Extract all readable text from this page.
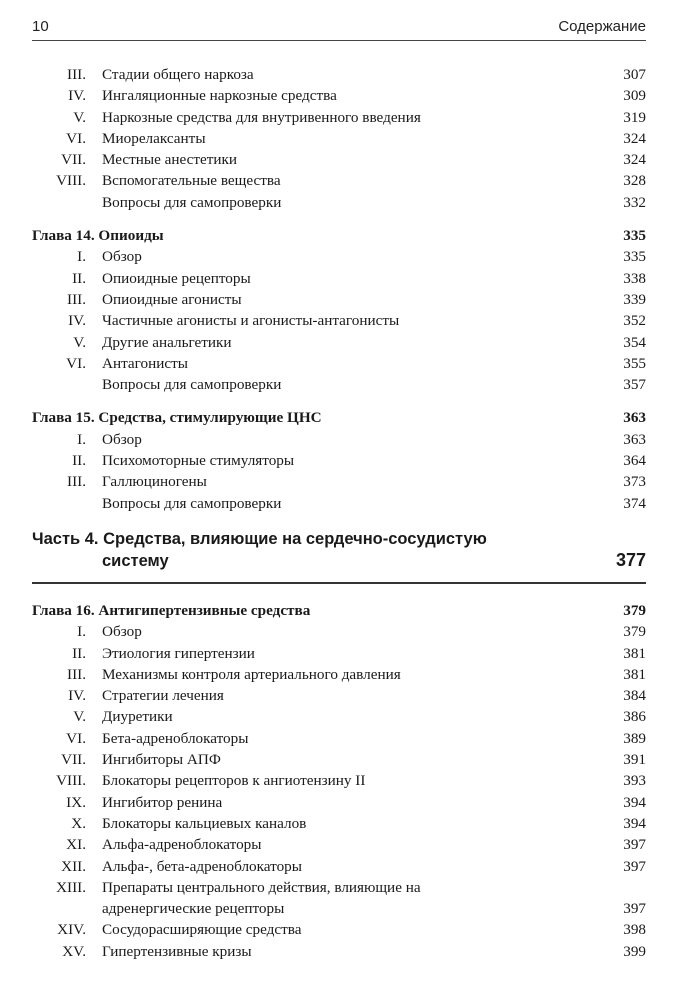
10	Содержание
III. Стадии общего наркоза	307
IV. Ингаляционные наркозные средства	309
V. Наркозные средства для внутривенного введения	319
VI. Миорелаксанты	324
VII. Местные анестетики	324
VIII. Вспомогательные вещества	328
Вопросы для самопроверки	332
Глава 14. Опиоиды	335
I. Обзор	335
II. Опиоидные рецепторы	338
III. Опиоидные агонисты	339
IV. Частичные агонисты и агонисты-антагонисты	352
V. Другие анальгетики	354
VI. Антагонисты	355
Вопросы для самопроверки	357
Глава 15. Средства, стимулирующие ЦНС	363
I. Обзор	363
II. Психомоторные стимуляторы	364
III. Галлюциногены	373
Вопросы для самопроверки	374
Часть 4. Средства, влияющие на сердечно-сосудистую
систему	377
Глава 16. Антигипертензивные средства	379
I. Обзор	379
II. Этиология гипертензии	381
III. Механизмы контроля артериального давления	381
IV. Стратегии лечения	384
V. Диуретики	386
VI. Бета-адреноблокаторы	389
VII. Ингибиторы АПФ	391
VIII. Блокаторы рецепторов к ангиотензину II	393
IX. Ингибитор ренина	394
X. Блокаторы кальциевых каналов	394
XI. Альфа-адреноблокаторы	397
XII. Альфа-, бета-адреноблокаторы	397
XIII. Препараты центрального действия, влияющие на адренергические рецепторы	397
XIV. Сосудорасширяющие средства	398
XV. Гипертензивные кризы	399
